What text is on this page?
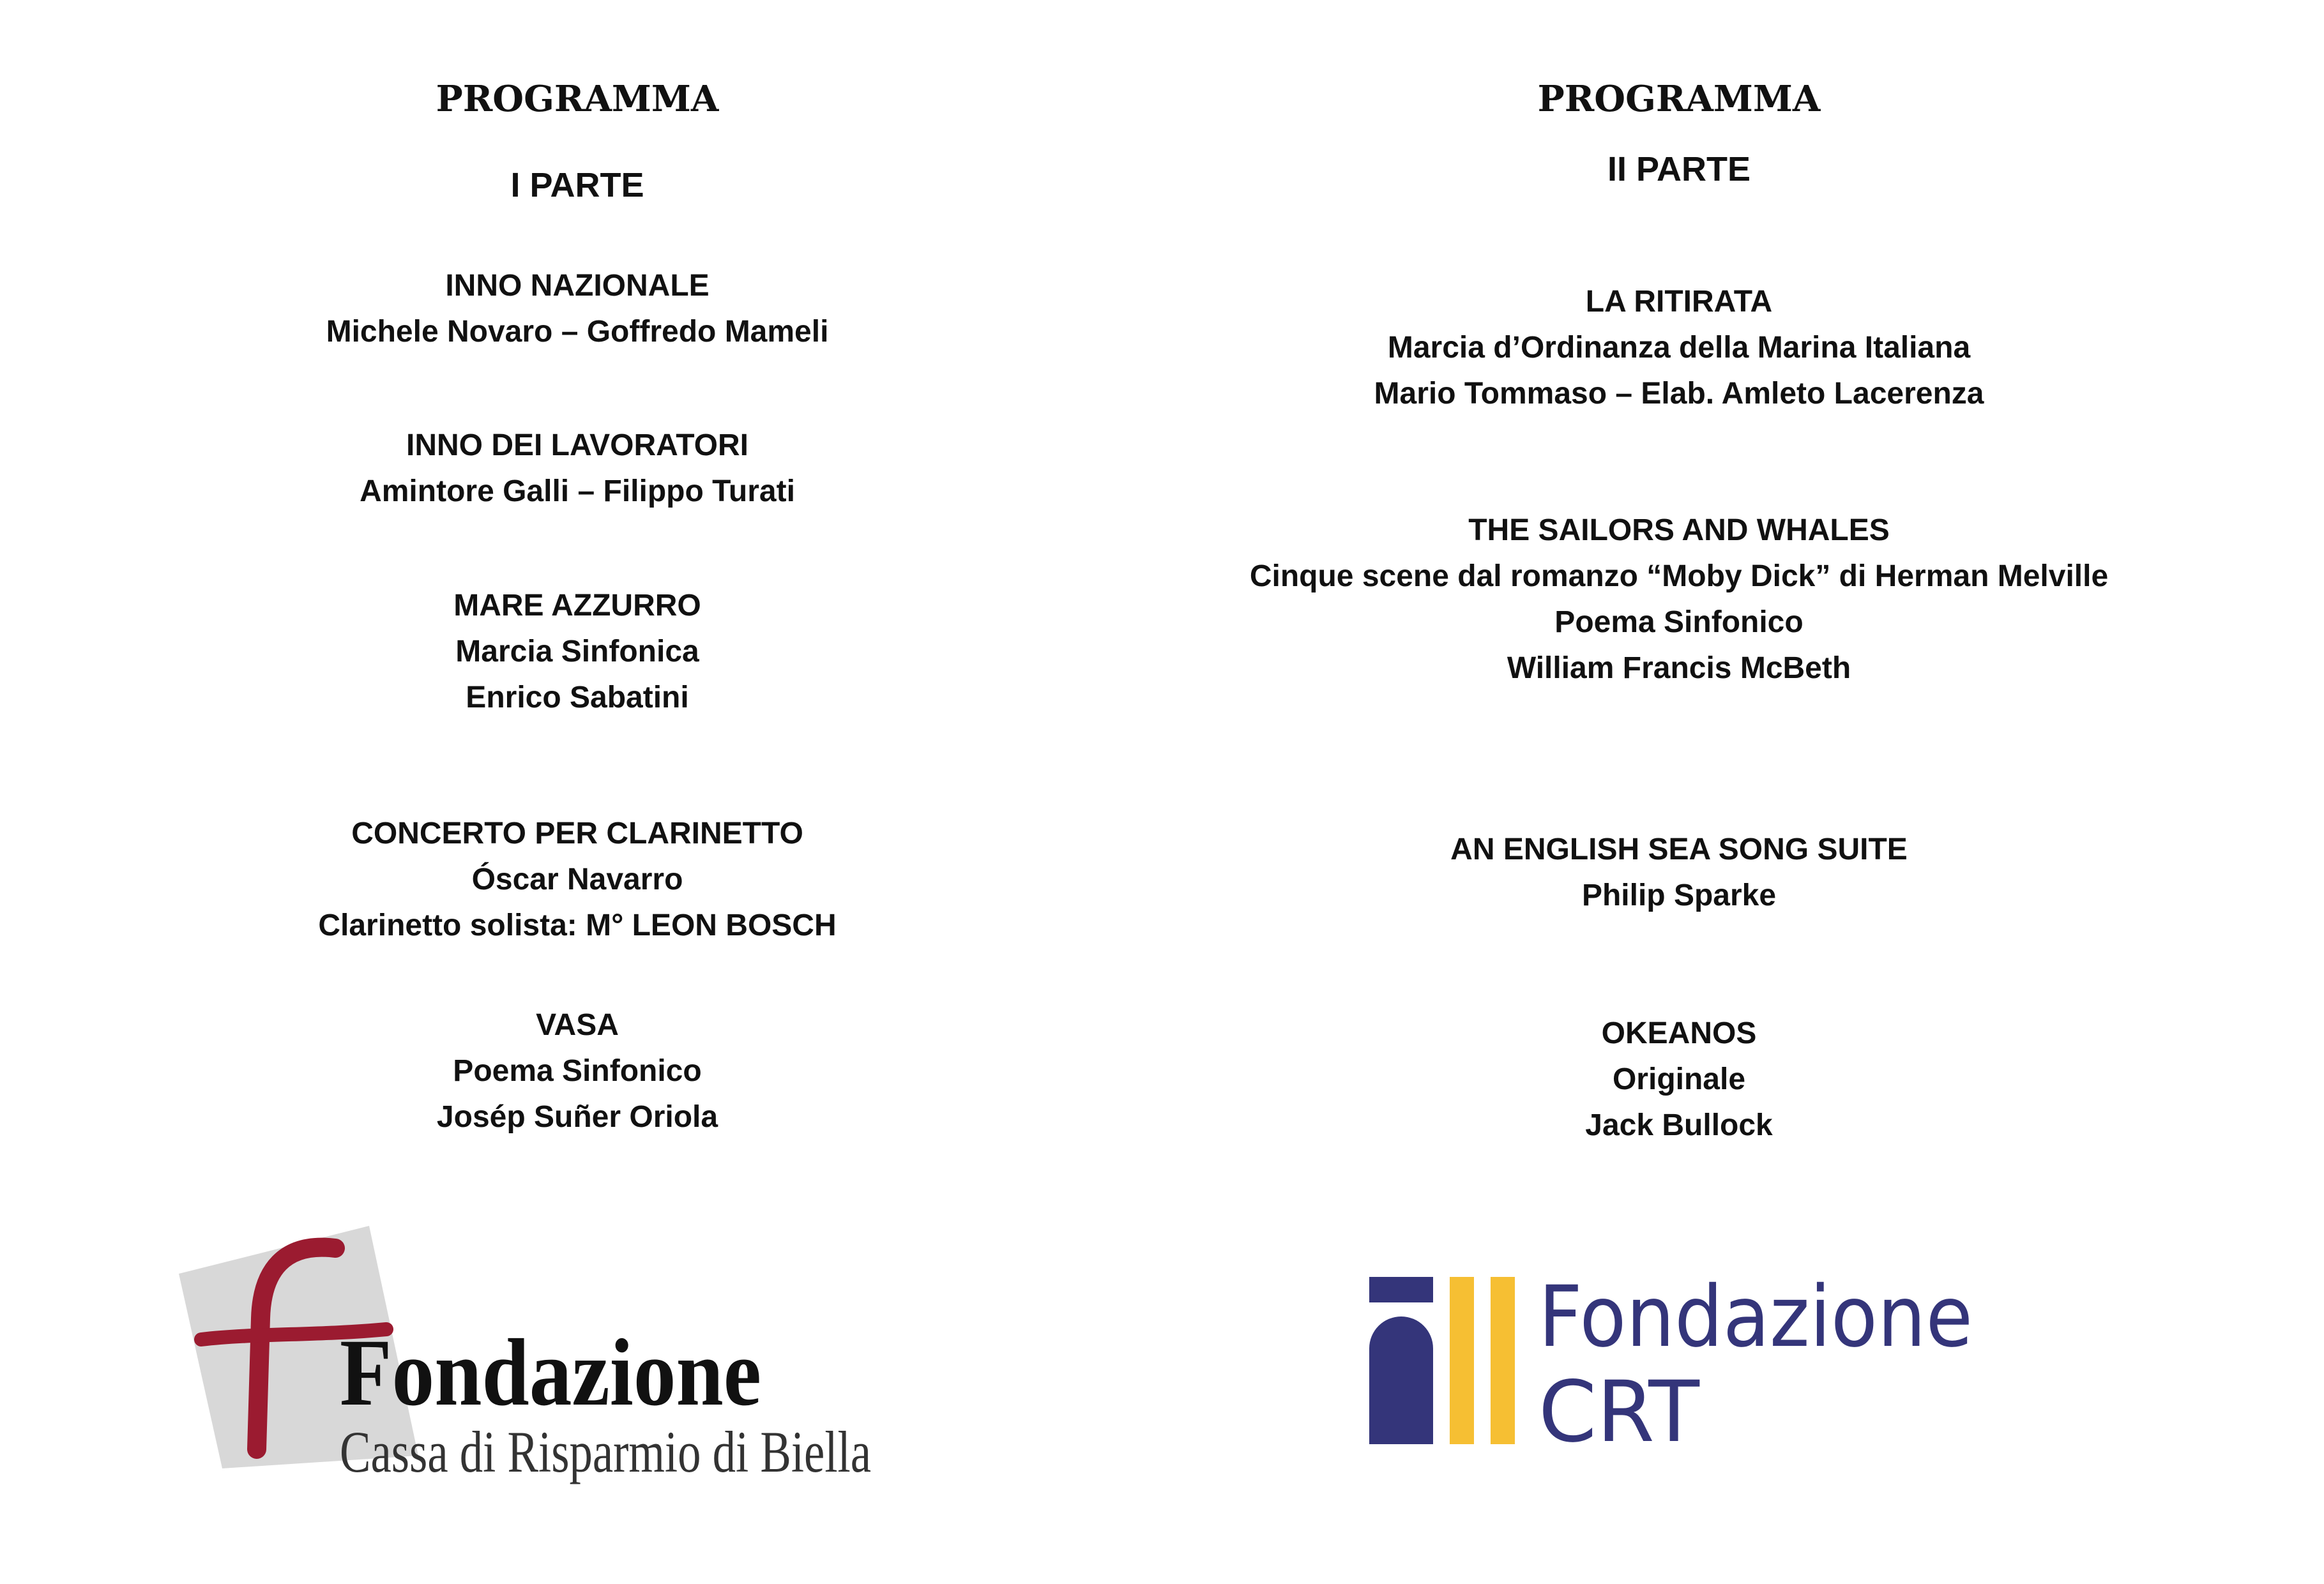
PROGRAMMA
I PARTE
INNO NAZIONALE
Michele Novaro – Goffredo Mameli
INNO DEI LAVORATORI
Amintore Galli – Filippo Turati
MARE AZZURRO
Marcia Sinfonica
Enrico Sabatini
CONCERTO PER CLARINETTO
Óscar Navarro
Clarinetto solista: M° LEON BOSCH
VASA
Poema Sinfonico
Josép Suñer Oriola
Fondazione
Cassa di Risparmio di Biella
PROGRAMMA
II PARTE
LA RITIRATA
Marcia d’Ordinanza della Marina Italiana
Mario Tommaso – Elab. Amleto Lacerenza
THE SAILORS AND WHALES
Cinque scene dal romanzo “Moby Dick” di Herman Melville
Poema Sinfonico
William Francis McBeth
AN ENGLISH SEA SONG SUITE
Philip Sparke
OKEANOS
Originale
Jack Bullock
Fondazione
CRT
